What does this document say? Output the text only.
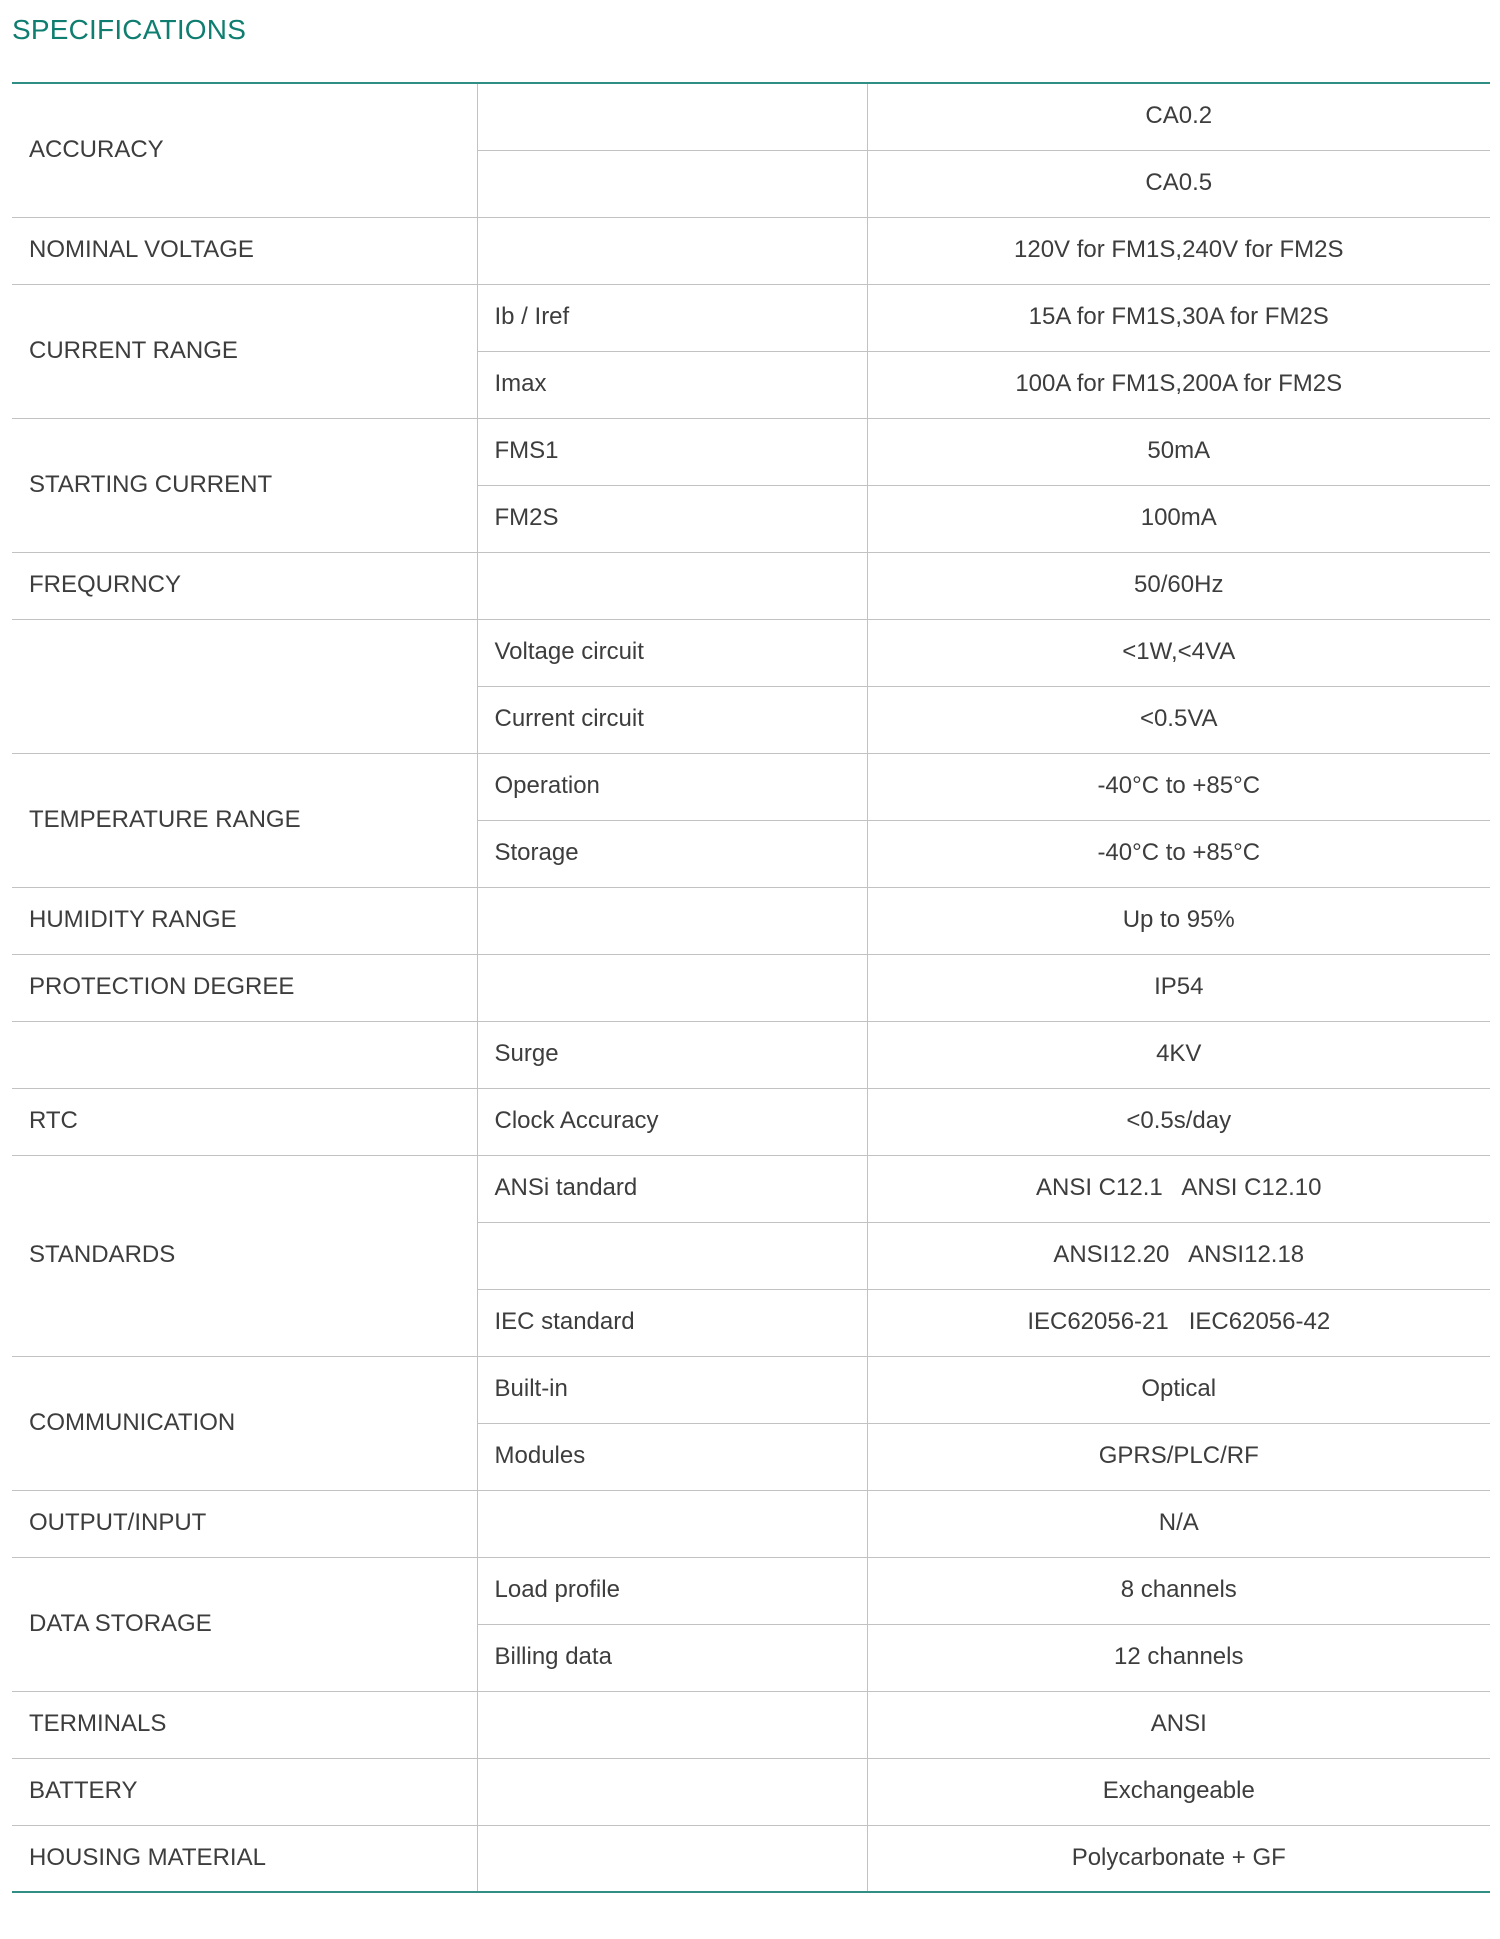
SPECIFICATIONS
ACCURACY		CA0.2
		CA0.5
NOMINAL VOLTAGE		120V for FM1S,240V for FM2S
CURRENT RANGE	Ib / Iref	15A for FM1S,30A for FM2S
	Imax	100A for FM1S,200A for FM2S
STARTING CURRENT	FMS1	50mA
	FM2S	100mA
FREQURNCY		50/60Hz
	Voltage circuit	<1W,<4VA
	Current circuit	<0.5VA
TEMPERATURE RANGE	Operation	-40°C to +85°C
	Storage	-40°C to +85°C
HUMIDITY RANGE		Up to 95%
PROTECTION DEGREE		IP54
	Surge	4KV
RTC	Clock Accuracy	<0.5s/day
STANDARDS	ANSi tandard	ANSI C12.1   ANSI C12.10
		ANSI12.20   ANSI12.18
	IEC standard	IEC62056-21   IEC62056-42
COMMUNICATION	Built-in	Optical
	Modules	GPRS/PLC/RF
OUTPUT/INPUT		N/A
DATA STORAGE	Load profile	8 channels
	Billing data	12 channels
TERMINALS		ANSI
BATTERY		Exchangeable
HOUSING MATERIAL		Polycarbonate + GF
